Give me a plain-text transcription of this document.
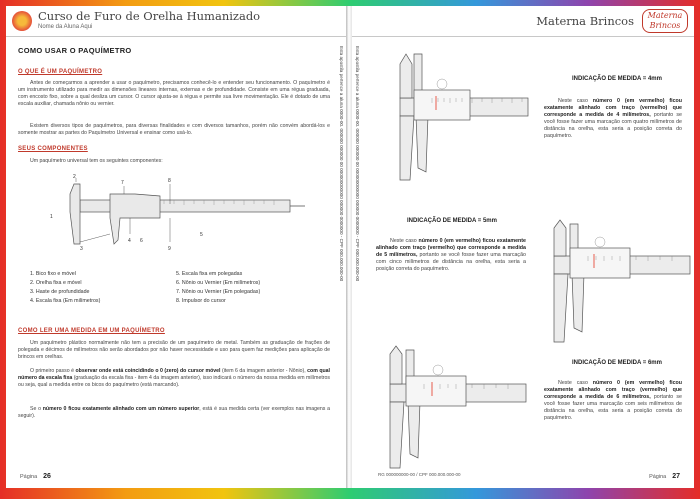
Curso de Furo de Orelha Humanizado
Nome da Aluna Aqui
COMO USAR O PAQUÍMETRO
O QUE É UM PAQUÍMETRO
Antes de começarmos a aprender a usar o paquímetro, precisamos conhecê-lo e entender seu funcionamento. O paquímetro é um instrumento utilizado para medir as dimensões lineares internas, externas e de profundidade. Consiste em uma régua graduada, com encosto fixo, sobre a qual desliza um cursor. O cursor ajusta-se à régua e permite sua livre movimentação. Ele é dotado de uma escala auxiliar, chamada nônio ou vernier.
Existem diversos tipos de paquímetros, para diversas finalidades e com diversos tamanhos, porém não convém abordá-los e somente mostrar as partes do Paquímetro Universal e ensinar como usá-lo.
SEUS COMPONENTES
Um paquímetro universal tem os seguintes componentes:
2
7	8
1
3
4
9
5
6
1. Bico fixo e móvel
2. Orelha fixa e móvel
3. Haste de profundidade
4. Escala fixa (Em milímetros)
5. Escala fixa em polegadas
6. Nônio ou Vernier (Em milímetros)
7. Nônio ou Vernier (Em polegadas)
8. Impulsor do cursor
COMO LER UMA MEDIDA EM UM PAQUÍMETRO
Um paquímetro plástico normalmente não tem a precisão de um paquímetro de metal. Também as graduação de frações de polegada e décimos de milímetros não serão abordados por não haver necessidade e uso para quem faz medições para aplicação de brincos em orelhas.
O primeiro passo é observar onde está coincidindo o 0 (zero) do cursor móvel (item 6 da imagem anterior - Nônio), com qual número da escala fixa (graduação da escala fixa - item 4 da imagem anterior), isso indicará o número da nossa medida em milímetros ou seja, qual a medida entre os bicos do paquímetro (está marcando).
Se o número 0 ficou exatamente alinhado com um número superior, está é sua medida certa (ver exemplos nas imagens a seguir).
Página 26
Esta apostila pertence a aluna 0000-00. 000000 000000 00 000000000000 000000 0000000 - CPF 000.000.000-00
Materna Brincos	Materna
Brincos
Esta apostila pertence a aluna 0000-00. 000000 000000 00 000000000000 000000 0000000 - CPF 000.000.000-00	INDICAÇÃO DE MEDIDA = 4mm
Neste caso número 0 (em vermelho) ficou exatamente alinhado com traço (vermelho) que corresponde a medida de 4 milímetros, portanto se você fosse fazer uma marcação com quatro milímetros de distância na orelha, esta seria a posição correta do paquímetro.
INDICAÇÃO DE MEDIDA = 5mm
Neste caso número 0 (em vermelho) ficou exatamente alinhado com traço (vermelho) que corresponde a medida de 5 milímetros, portanto se você fosse fazer uma marcação com cinco milímetros de distância na orelha, esta seria a posição correta do paquímetro.
INDICAÇÃO DE MEDIDA = 6mm
Neste caso número 0 (em vermelho) ficou exatamente alinhado com traço (vermelho) que corresponde a medida de 6 milímetros, portanto se você fosse fazer uma marcação com seis milímetros de distância na orelha, esta seria a posição correta do paquímetro.
RG 000000000-00 / CPF 000.000.000-00	Página 27
